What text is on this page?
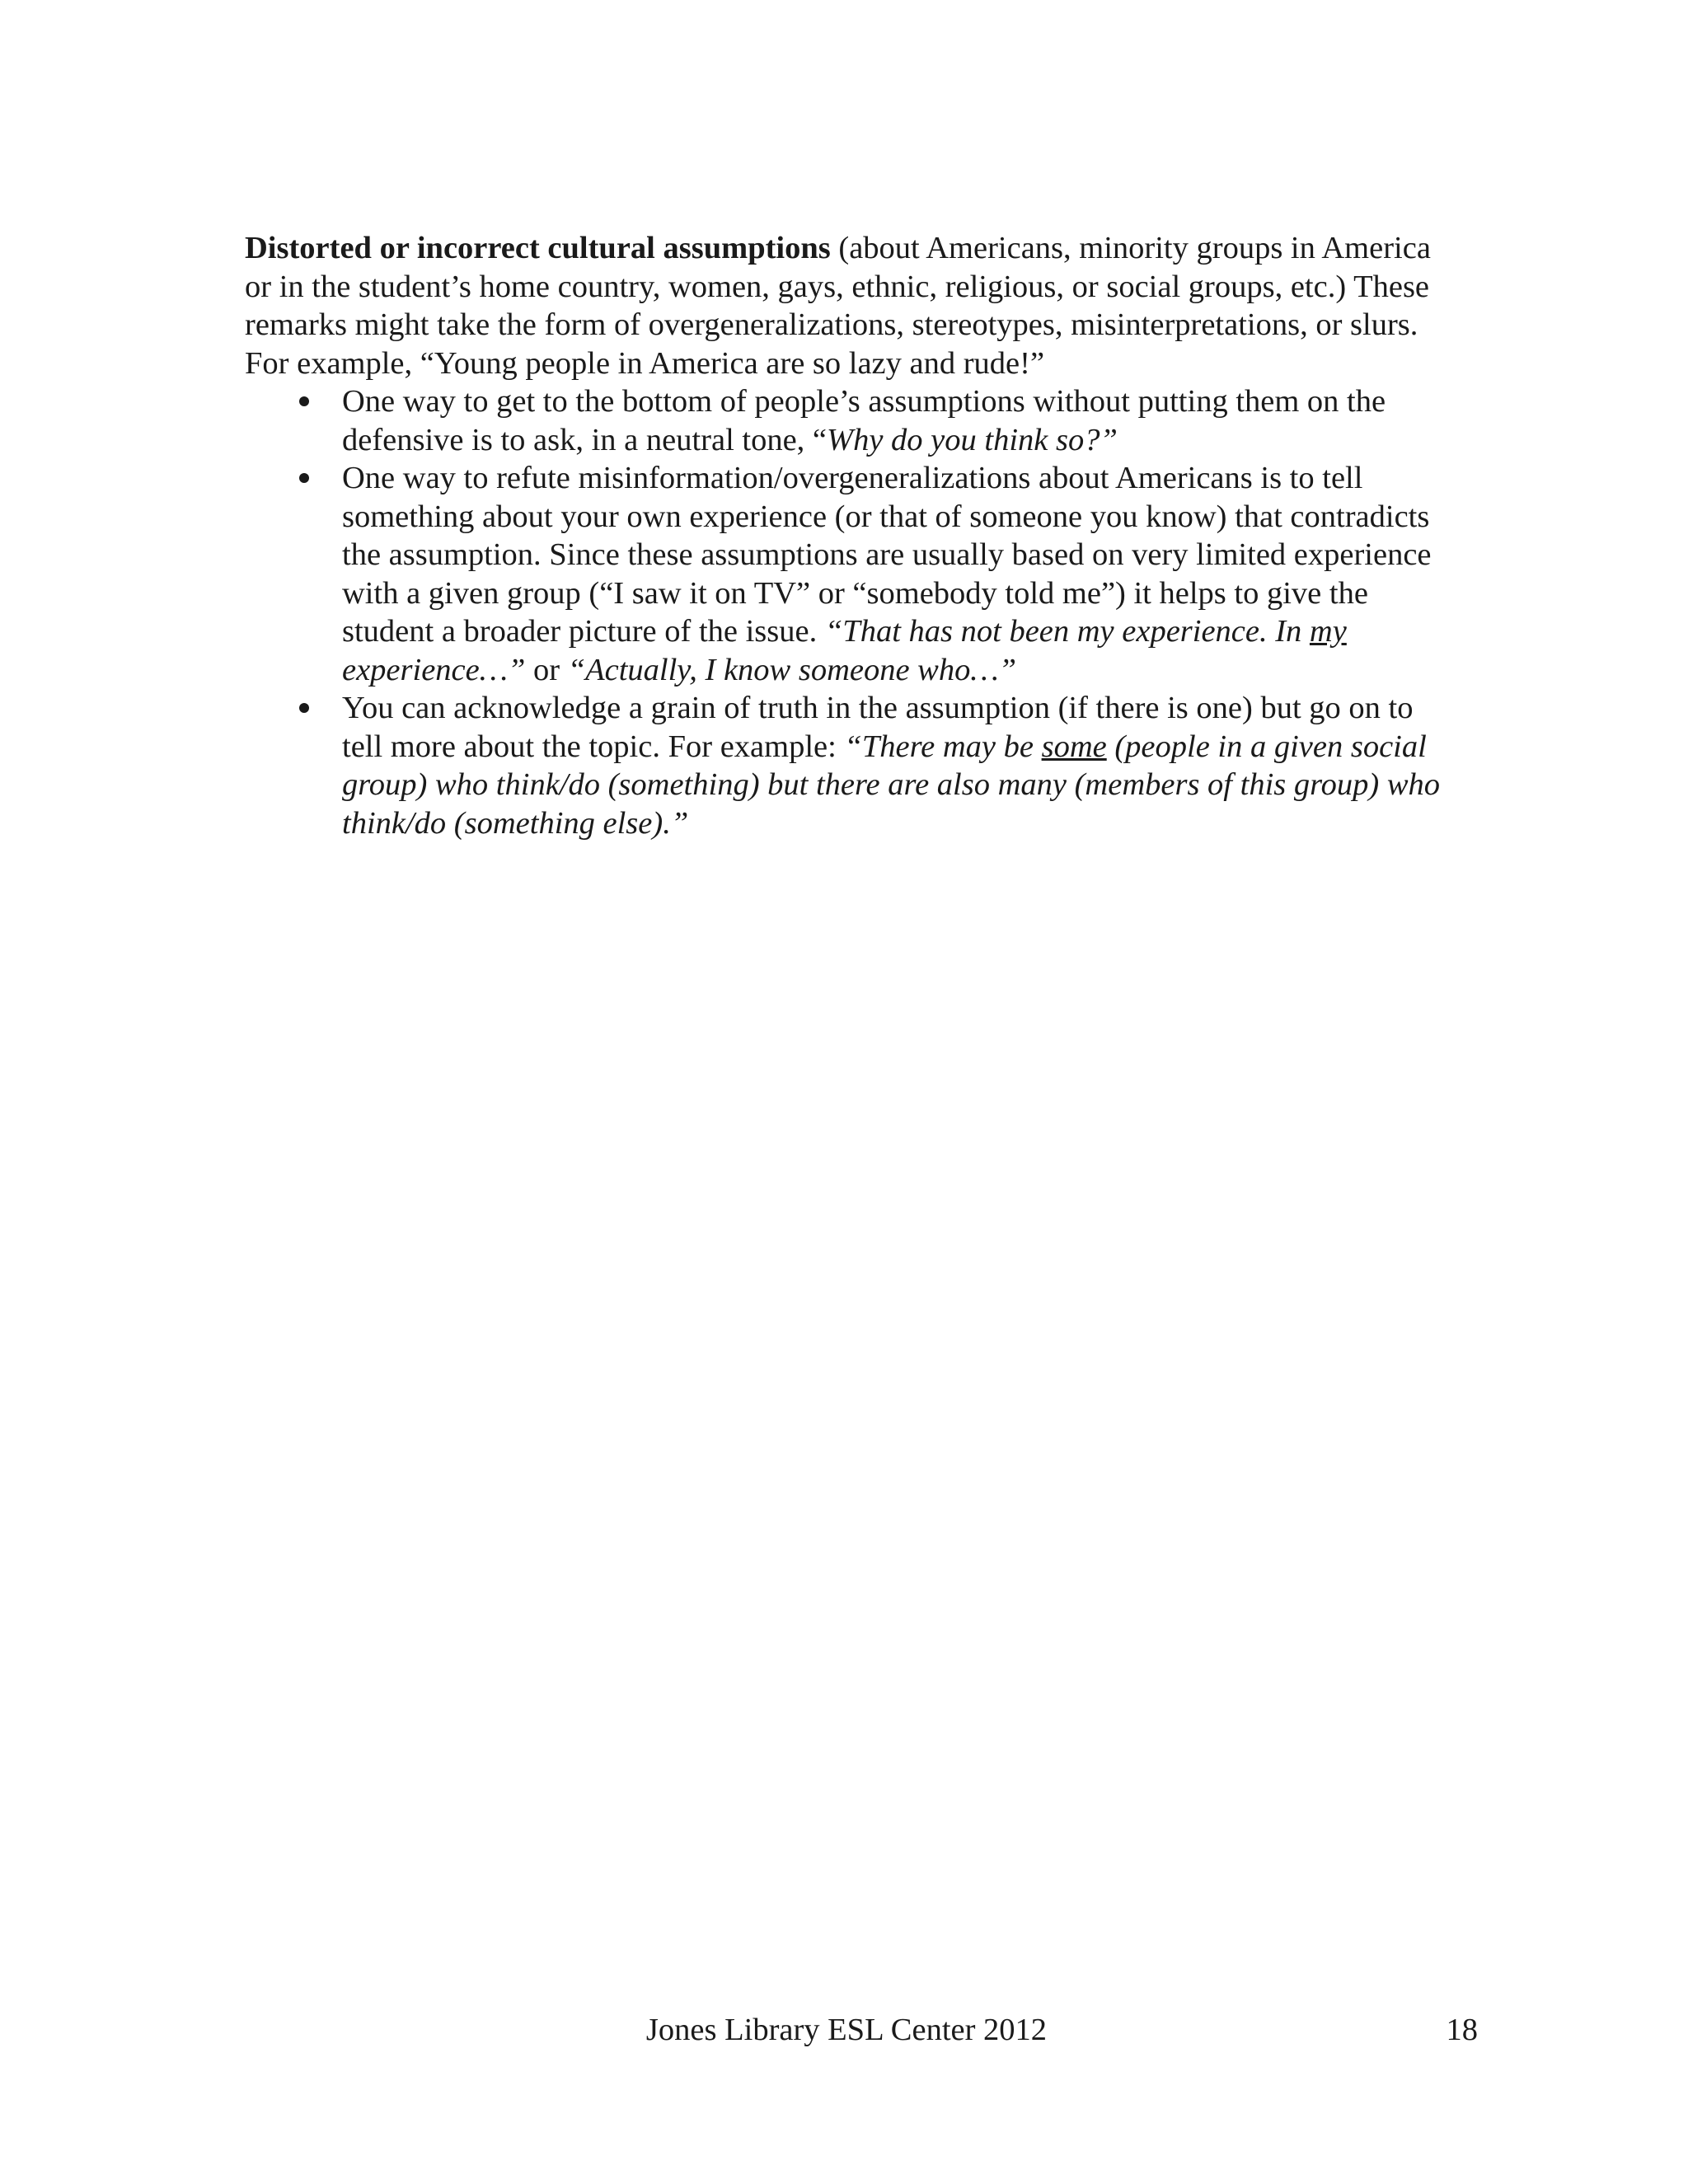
Distorted or incorrect cultural assumptions (about Americans, minority groups in America or in the student’s home country, women, gays, ethnic, religious, or social groups, etc.) These remarks might take the form of overgeneralizations, stereotypes, misinterpretations, or slurs. For example, “Young people in America are so lazy and rude!”

One way to get to the bottom of people’s assumptions without putting them on the defensive is to ask, in a neutral tone, “Why do you think so?”
One way to refute misinformation/overgeneralizations about Americans is to tell something about your own experience (or that of someone you know) that contradicts the assumption. Since these assumptions are usually based on very limited experience with a given group (“I saw it on TV” or “somebody told me”) it helps to give the student a broader picture of the issue. “That has not been my experience. In my experience…” or “Actually, I know someone who…”
You can acknowledge a grain of truth in the assumption (if there is one) but go on to tell more about the topic. For example: “There may be some (people in a given social group) who think/do (something) but there are also many (members of this group) who think/do (something else).”
Jones Library ESL Center 2012	18
